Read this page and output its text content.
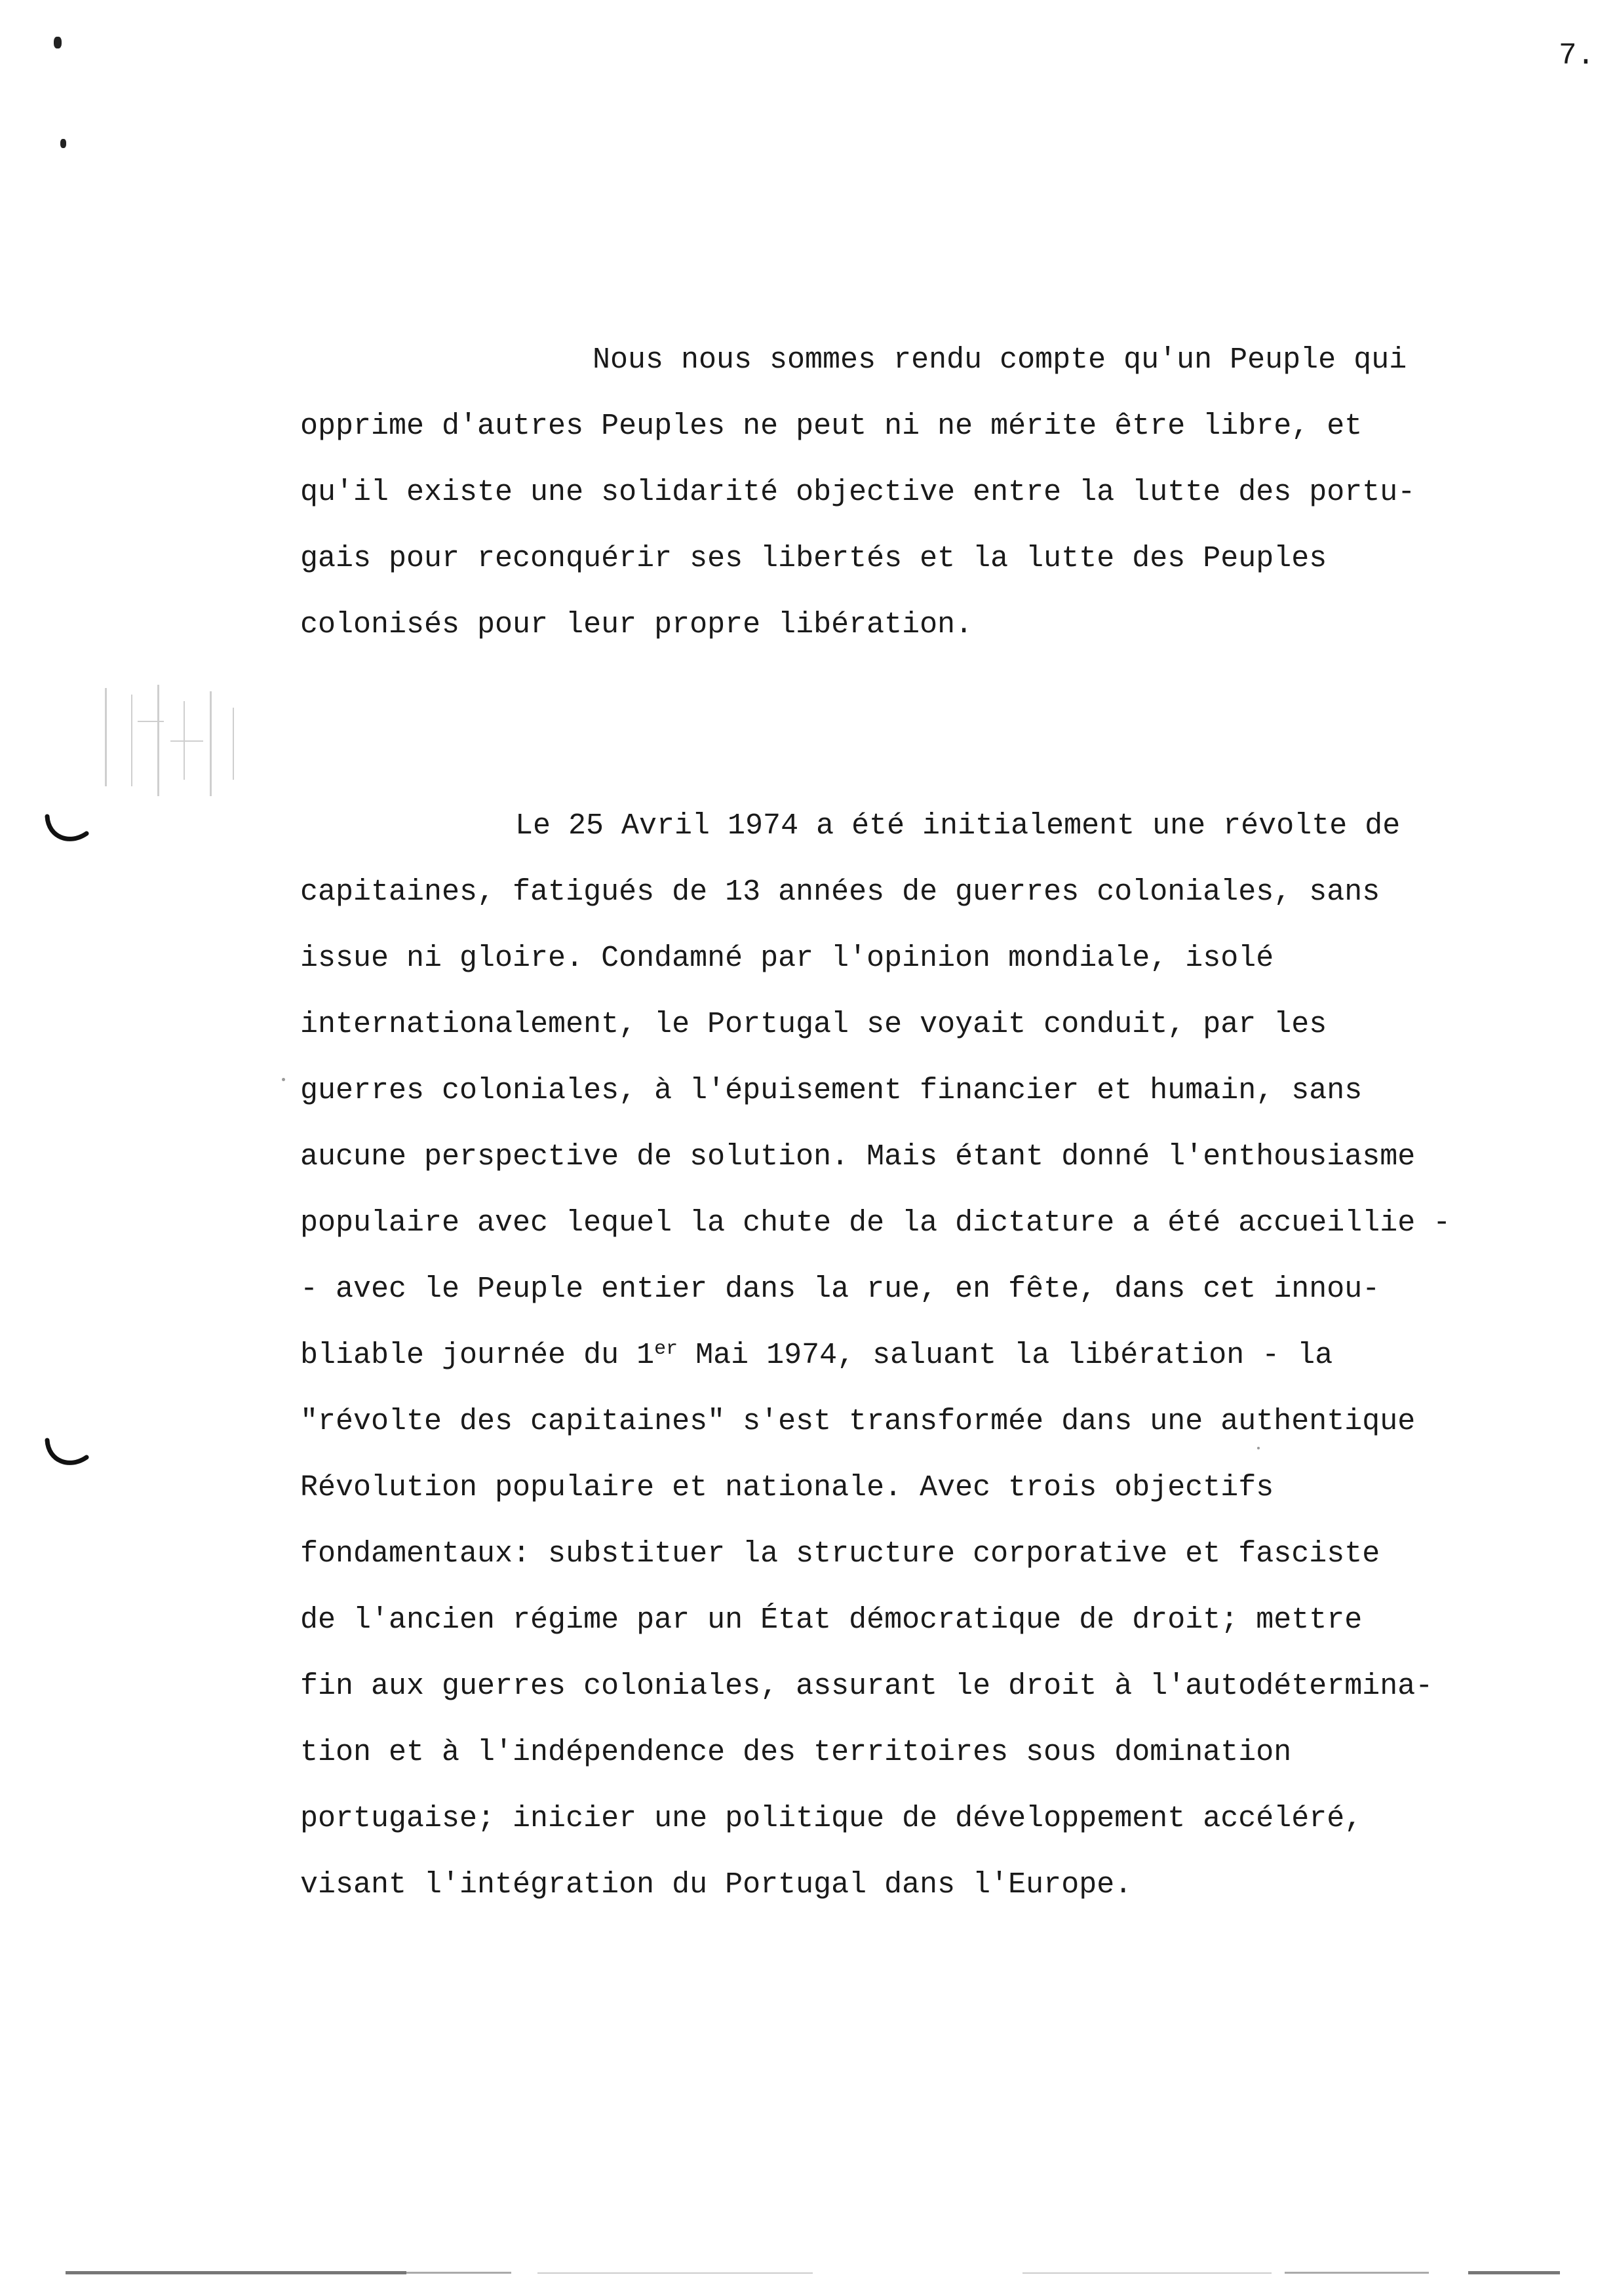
7.
Nous nous sommes rendu compte qu'un Peuple qui
opprime d'autres Peuples ne peut ni ne mérite être libre, et
qu'il existe une solidarité objective entre la lutte des portu-
gais pour reconquérir ses libertés et la lutte des Peuples
colonisés pour leur propre libération.
Le 25 Avril 1974 a été initialement une révolte de
capitaines, fatigués de 13 années de guerres coloniales, sans
issue ni gloire. Condamné par l'opinion mondiale, isolé
internationalement, le Portugal se voyait conduit, par les
guerres coloniales, à l'épuisement financier et humain, sans
aucune perspective de solution. Mais étant donné l'enthousiasme
populaire avec lequel la chute de la dictature a été accueillie -
- avec le Peuple entier dans la rue, en fête, dans cet innou-
bliable journée du 1er Mai 1974, saluant la libération - la
"révolte des capitaines" s'est transformée dans une authentique
Révolution populaire et nationale. Avec trois objectifs
fondamentaux: substituer la structure corporative et fasciste
de l'ancien régime par un État démocratique de droit; mettre
fin aux guerres coloniales, assurant le droit à l'autodétermina-
tion et à l'indépendence des territoires sous domination
portugaise; inicier une politique de développement accéléré,
visant l'intégration du Portugal dans l'Europe.
